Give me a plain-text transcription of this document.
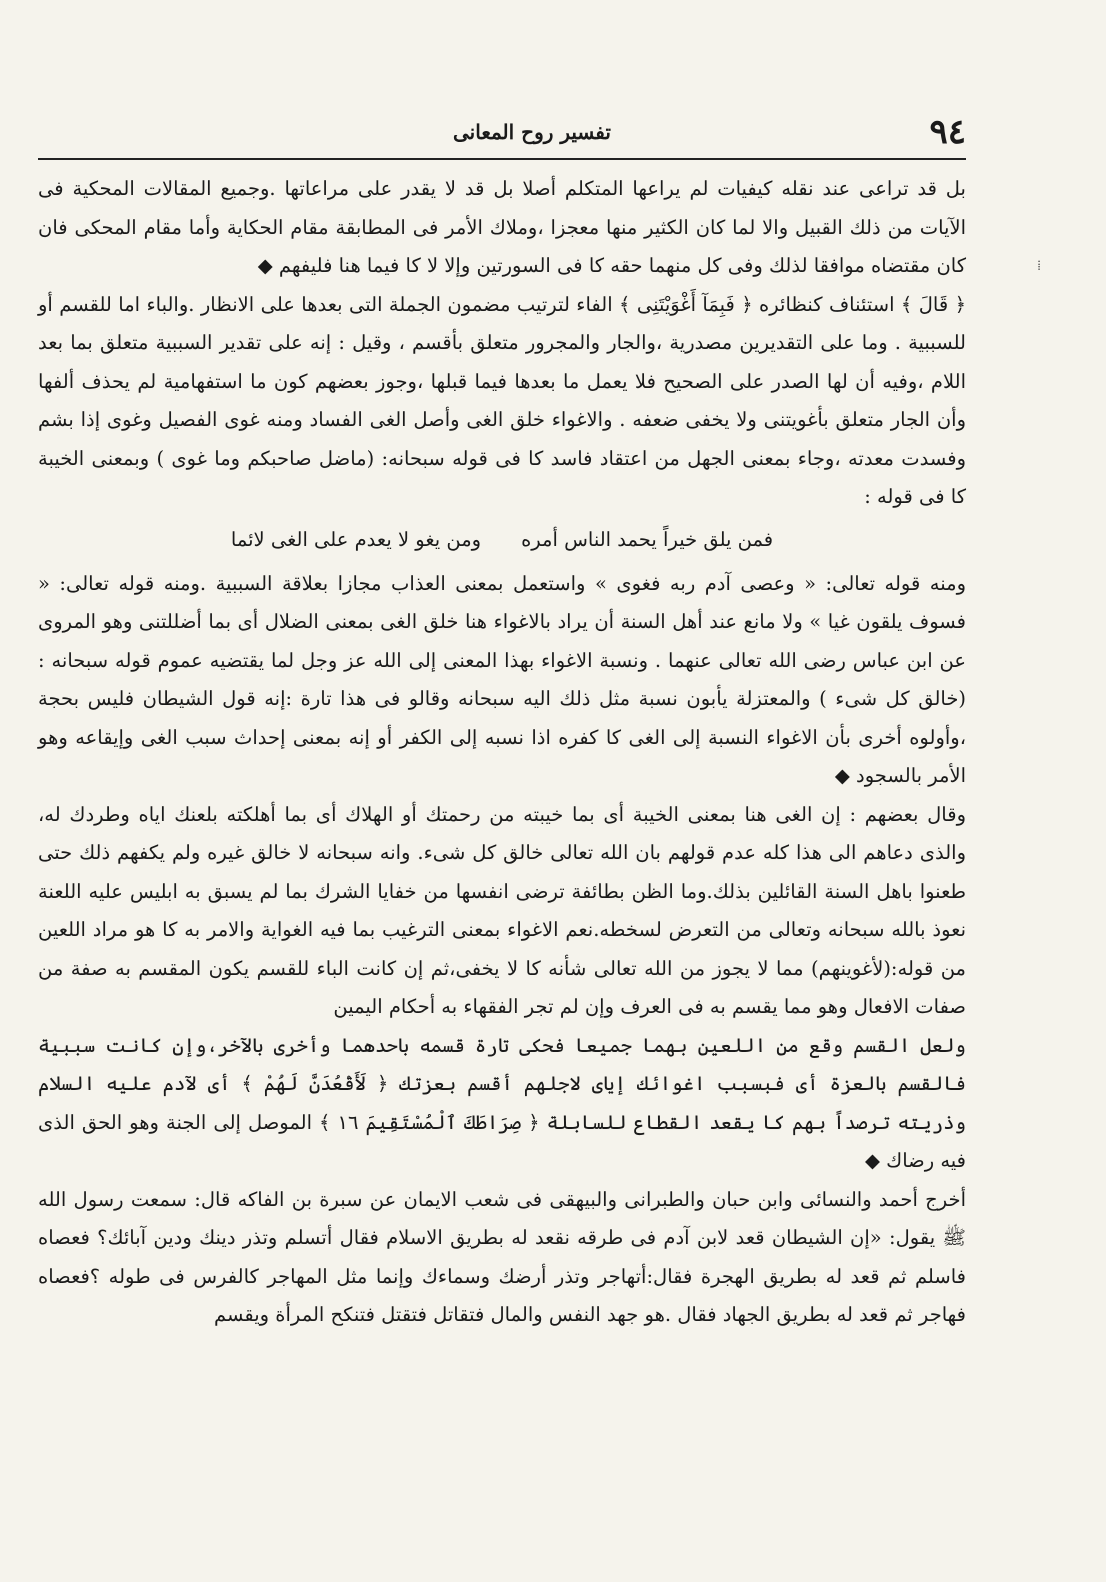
٩٤
تفسير روح المعانى
⁞

بل قد تراعى عند نقله كيفيات لم يراعها المتكلم أصلا بل قد لا يقدر على مراعاتها .وجميع المقالات المحكية فى الآيات من ذلك القبيل والا لما كان الكثير منها معجزا ،وملاك الأمر فى المطابقة مقام الحكاية وأما مقام المحكى فان كان مقتضاه موافقا لذلك وفى كل منهما حقه كا فى السورتين وإلا لا كا فيما هنا فليفهم ◆

﴿ قَالَ ﴾ استئناف كنظائره ﴿ فَبِمَآ أَغْوَيْتَنِى ﴾ الفاء لترتيب مضمون الجملة التى بعدها على الانظار .والباء اما للقسم أو للسببية . وما على التقديرين مصدرية ،والجار والمجرور متعلق بأقسم ، وقيل : إنه على تقدير السببية متعلق بما بعد اللام ،وفيه أن لها الصدر على الصحيح فلا يعمل ما بعدها فيما قبلها ،وجوز بعضهم كون ما استفهامية لم يحذف ألفها وأن الجار متعلق بأغويتنى ولا يخفى ضعفه . والاغواء خلق الغى وأصل الغى الفساد ومنه غوى الفصيل وغوى إذا بشم وفسدت معدته ،وجاء بمعنى الجهل من اعتقاد فاسد كا فى قوله سبحانه: (ماضل صاحبكم وما غوى ) وبمعنى الخيبة كا فى قوله :

فمن يلق خيراً يحمد الناس أمره
ومن يغو لا يعدم على الغى لائما

ومنه قوله تعالى: « وعصى آدم ربه فغوى » واستعمل بمعنى العذاب مجازا بعلاقة السببية .ومنه قوله تعالى: « فسوف يلقون غيا » ولا مانع عند أهل السنة أن يراد بالاغواء هنا خلق الغى بمعنى الضلال أى بما أضللتنى وهو المروى عن ابن عباس رضى الله تعالى عنهما . ونسبة الاغواء بهذا المعنى إلى الله عز وجل لما يقتضيه عموم قوله سبحانه : (خالق كل شىء ) والمعتزلة يأبون نسبة مثل ذلك اليه سبحانه وقالو فى هذا تارة :إنه قول الشيطان فليس بحجة ،وأولوه أخرى بأن الاغواء النسبة إلى الغى كا كفره اذا نسبه إلى الكفر أو إنه بمعنى إحداث سبب الغى وإيقاعه وهو الأمر بالسجود ◆

وقال بعضهم : إن الغى هنا بمعنى الخيبة أى بما خيبته من رحمتك أو الهلاك أى بما أهلكته بلعنك اياه وطردك له، والذى دعاهم الى هذا كله عدم قولهم بان الله تعالى خالق كل شىء. وانه سبحانه لا خالق غيره ولم يكفهم ذلك حتى طعنوا باهل السنة القائلين بذلك.وما الظن بطائفة ترضى انفسها من خفايا الشرك بما لم يسبق به ابليس عليه اللعنة نعوذ بالله سبحانه وتعالى من التعرض لسخطه.نعم الاغواء بمعنى الترغيب بما فيه الغواية والامر به كا هو مراد اللعين من قوله:(لأغوينهم) مما لا يجوز من الله تعالى شأنه كا لا يخفى،ثم إن كانت الباء للقسم يكون المقسم به صفة من صفات الافعال وهو مما يقسم به فى العرف وإن لم تجر الفقهاء به أحكام اليمين

ولعل القسم وقع من اللعين بهما جميعا فحكى تارة قسمه باحدهما وأخرى بالآخر،وإن كانت سببية فالقسم بالعزة أى فبسبب اغوائك إياى لاجلهم أقسم بعزتك ﴿ لَأَقْعُدَنَّ لَهُمْ ﴾ أى لآدم عليه السلام وذريته ترصداً بهم كا يقعد القطاع للسابلة ﴿ صِرَاطَكَ ٱلْمُسْتَقِيمَ ١٦ ﴾ الموصل إلى الجنة وهو الحق الذى فيه رضاك ◆

أخرج أحمد والنسائى وابن حبان والطبرانى والبيهقى فى شعب الايمان عن سبرة بن الفاكه قال: سمعت رسول الله ﷺ يقول: «إن الشيطان قعد لابن آدم فى طرقه نقعد له بطريق الاسلام فقال أتسلم وتذر دينك ودين آبائك؟ فعصاه فاسلم ثم قعد له بطريق الهجرة فقال:أتهاجر وتذر أرضك وسماءك وإنما مثل المهاجر كالفرس فى طوله ؟فعصاه فهاجر ثم قعد له بطريق الجهاد فقال .هو جهد النفس والمال فتقاتل فتقتل فتنكح المرأة ويقسم
